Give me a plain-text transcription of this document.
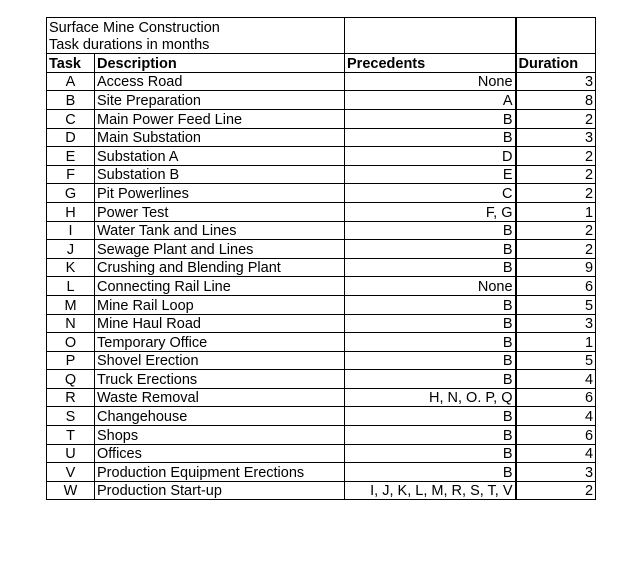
Surface Mine Construction			
Task durations in months			
Task	Description	Precedents	Duration
A	Access Road	None	3
B	Site Preparation	A	8
C	Main Power Feed Line	B	2
D	Main Substation	B	3
E	Substation A	D	2
F	Substation B	E	2
G	Pit Powerlines	C	2
H	Power Test	F, G	1
I	Water Tank and Lines	B	2
J	Sewage Plant and Lines	B	2
K	Crushing and Blending Plant	B	9
L	Connecting Rail Line	None	6
M	Mine Rail Loop	B	5
N	Mine Haul Road	B	3
O	Temporary Office	B	1
P	Shovel Erection	B	5
Q	Truck Erections	B	4
R	Waste Removal	H, N, O. P, Q	6
S	Changehouse	B	4
T	Shops	B	6
U	Offices	B	4
V	Production Equipment Erections	B	3
W	Production Start-up	I, J, K, L, M, R, S, T, V	2
